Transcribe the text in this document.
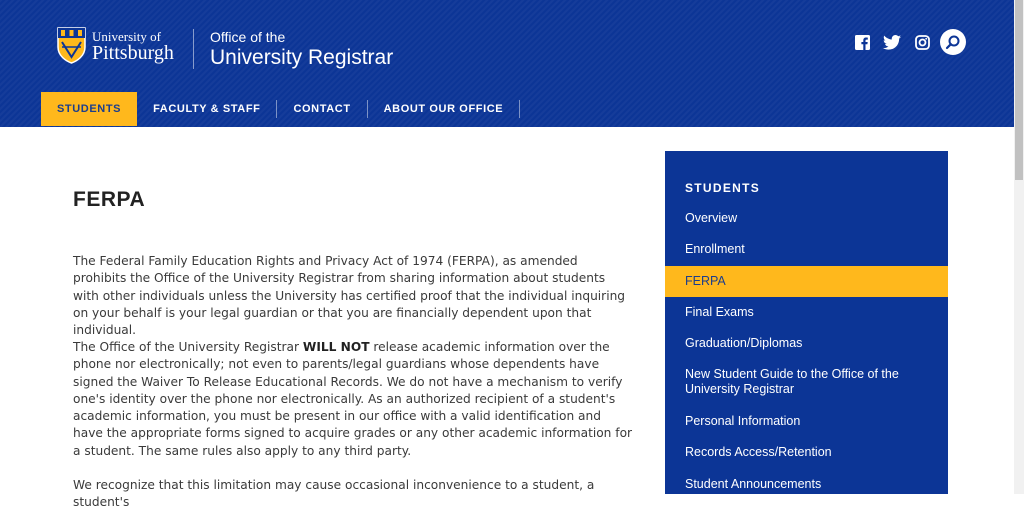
University of
Pittsburgh
Office of the
University Registrar
STUDENTS	FACULTY & STAFF	CONTACT	ABOUT OUR OFFICE
FERPA

The Federal Family Education Rights and Privacy Act of 1974 (FERPA), as amended prohibits the Office of the University Registrar from sharing information about students with other individuals unless the University has certified proof that the individual inquiring on your behalf is your legal guardian or that you are financially dependent upon that individual.

The Office of the University Registrar WILL NOT release academic information over the phone nor electronically; not even to parents/legal guardians whose dependents have signed the Waiver To Release Educational Records. We do not have a mechanism to verify one's identity over the phone nor electronically. As an authorized recipient of a student's academic information, you must be present in our office with a valid identification and have the appropriate forms signed to acquire grades or any other academic information for a student. The same rules also apply to any third party.

We recognize that this limitation may cause occasional inconvenience to a student, a student's

STUDENTS
Overview
Enrollment
FERPA
Final Exams
Graduation/Diplomas
New Student Guide to the Office of the University Registrar
Personal Information
Records Access/Retention
Student Announcements
